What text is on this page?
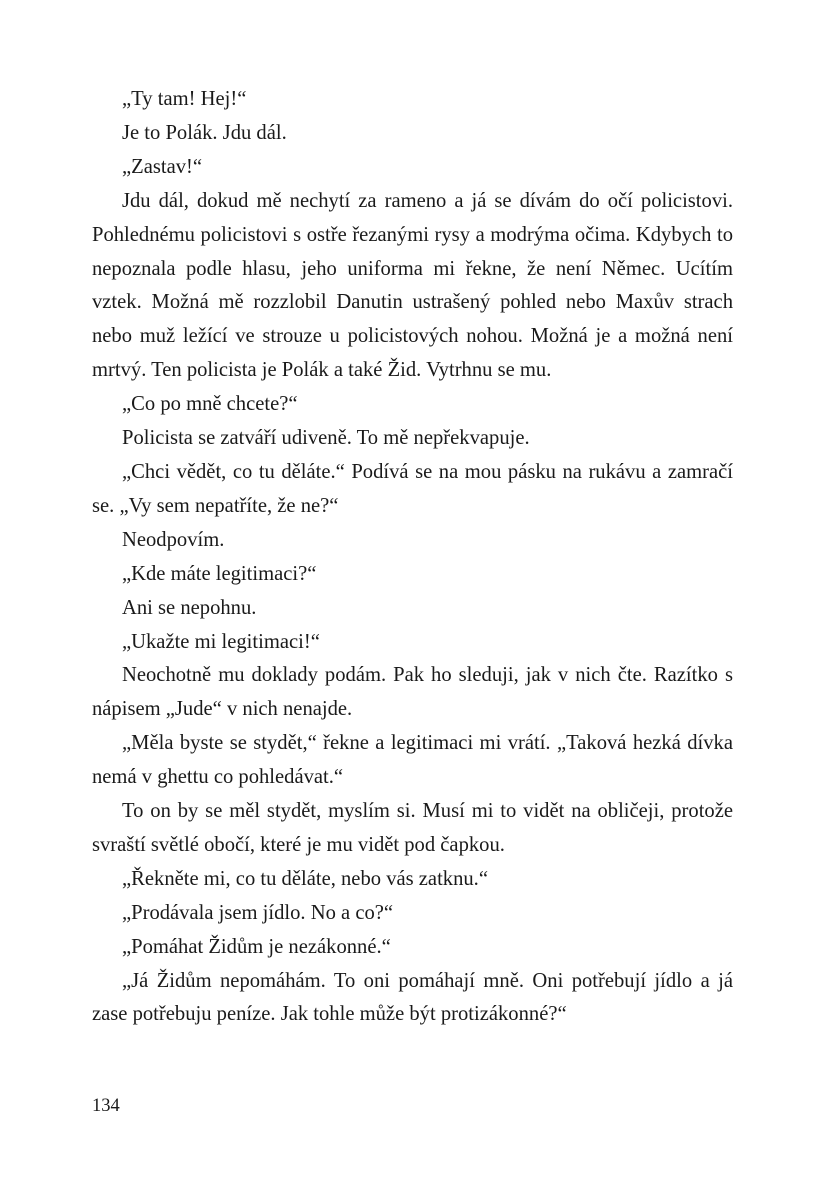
„Ty tam! Hej!“

Je to Polák. Jdu dál.

„Zastav!“

Jdu dál, dokud mě nechytí za rameno a já se dívám do očí policistovi. Pohlednému policistovi s ostře řezanými rysy a modrýma očima. Kdybych to nepoznala podle hlasu, jeho uniforma mi řekne, že není Němec. Ucítím vztek. Možná mě rozzlobil Danutin ustrašený pohled nebo Maxův strach nebo muž ležící ve strouze u policistových nohou. Možná je a možná není mrtvý. Ten policista je Polák a také Žid. Vytrhnu se mu.

„Co po mně chcete?“

Policista se zatváří udiveně. To mě nepřekvapuje.

„Chci vědět, co tu děláte.“ Podívá se na mou pásku na rukávu a zamračí se. „Vy sem nepatříte, že ne?“

Neodpovím.

„Kde máte legitimaci?“

Ani se nepohnu.

„Ukažte mi legitimaci!“

Neochotně mu doklady podám. Pak ho sleduji, jak v nich čte. Razítko s nápisem „Jude“ v nich nenajde.

„Měla byste se stydět,“ řekne a legitimaci mi vrátí. „Taková hezká dívka nemá v ghettu co pohledávat.“

To on by se měl stydět, myslím si. Musí mi to vidět na obličeji, protože svraští světlé obočí, které je mu vidět pod čapkou.

„Řekněte mi, co tu děláte, nebo vás zatknu.“

„Prodávala jsem jídlo. No a co?“

„Pomáhat Židům je nezákonné.“

„Já Židům nepomáhám. To oni pomáhají mně. Oni potřebují jídlo a já zase potřebuju peníze. Jak tohle může být protizákonné?“

134
